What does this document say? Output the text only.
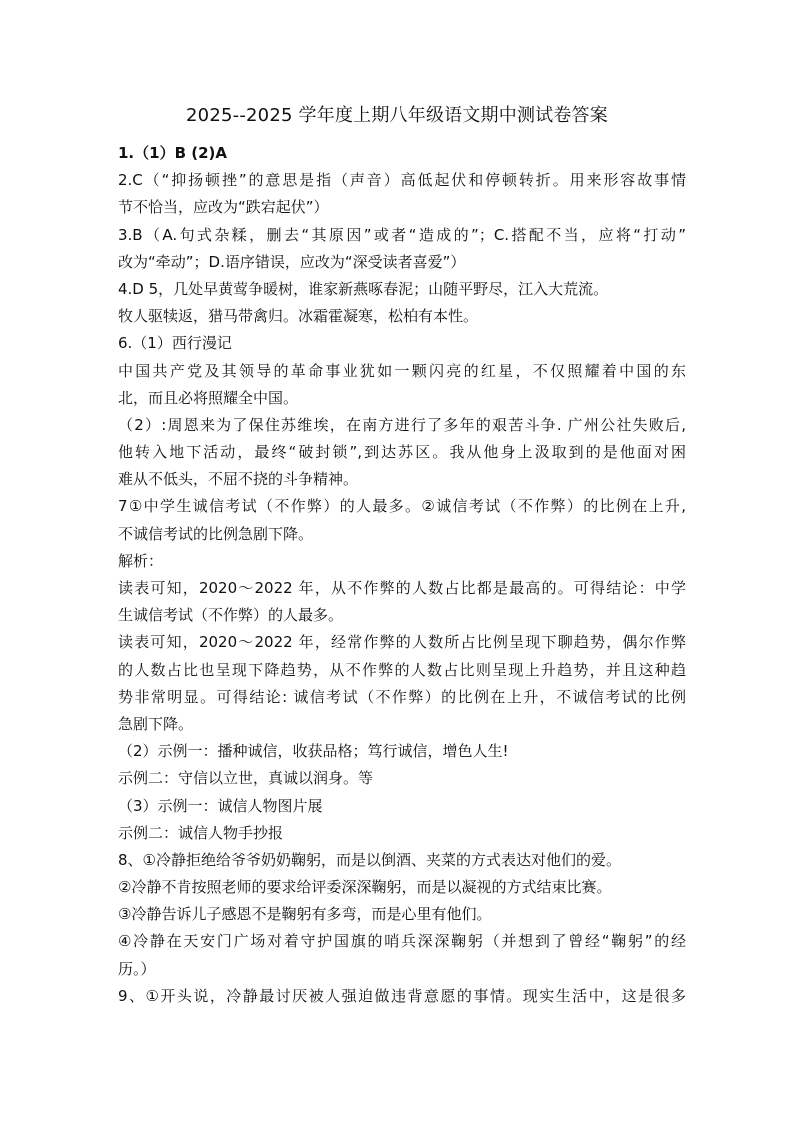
2025--2025 学年度上期八年级语文期中测试卷答案
1.（1）B (2)A
2.C（“抑扬顿挫”的意思是指（声音）高低起伏和停顿转折。用来形容故事情
节不恰当，应改为“跌宕起伏”）
3.B（A.句式杂糅，删去“其原因”或者“造成的”；C.搭配不当，应将“打动”
改为“牵动”；D.语序错误，应改为“深受读者喜爱”）
4.D 5，几处早黄莺争暖树，谁家新燕啄春泥；山随平野尽，江入大荒流。
牧人驱犊返，猎马带禽归。冰霜霍凝寒，松柏有本性。
6.（1）西行漫记
中国共产党及其领导的革命事业犹如一颗闪亮的红星，不仅照耀着中国的东
北，而且必将照耀全中国。
（2）:周恩来为了保住苏维埃，在南方进行了多年的艰苦斗争. 广州公社失败后,
他转入地下活动，最终“破封锁”,到达苏区。我从他身上汲取到的是他面对困
难从不低头，不屈不挠的斗争精神。
7①中学生诚信考试（不作弊）的人最多。②诚信考试（不作弊）的比例在上升,
不诚信考试的比例急剧下降。
解析：
读表可知，2020～2022 年，从不作弊的人数占比都是最高的。可得结论：中学
生诚信考试（不作弊）的人最多。
读表可知，2020～2022 年，经常作弊的人数所占比例呈现下聊趋势，偶尔作弊
的人数占比也呈现下降趋势，从不作弊的人数占比则呈现上升趋势，并且这种趋
势非常明显。可得结论: 诚信考试（不作弊）的比例在上升，不诚信考试的比例
急剧下降。
（2）示例一：播种诚信，收获品格；笃行诚信，增色人生!
示例二：守信以立世，真诚以润身。等
（3）示例一：诚信人物图片展
示例二：诚信人物手抄报
8、①冷静拒绝给爷爷奶奶鞠躬，而是以倒酒、夹菜的方式表达对他们的爱。
②冷静不肯按照老师的要求给评委深深鞠躬，而是以凝视的方式结束比赛。
③冷静告诉儿子感恩不是鞠躬有多弯，而是心里有他们。
④冷静在天安门广场对着守护国旗的哨兵深深鞠躬（并想到了曾经“鞠躬”的经
历。）
9、①开头说，冷静最讨厌被人强迫做违背意愿的事情。现实生活中，这是很多
